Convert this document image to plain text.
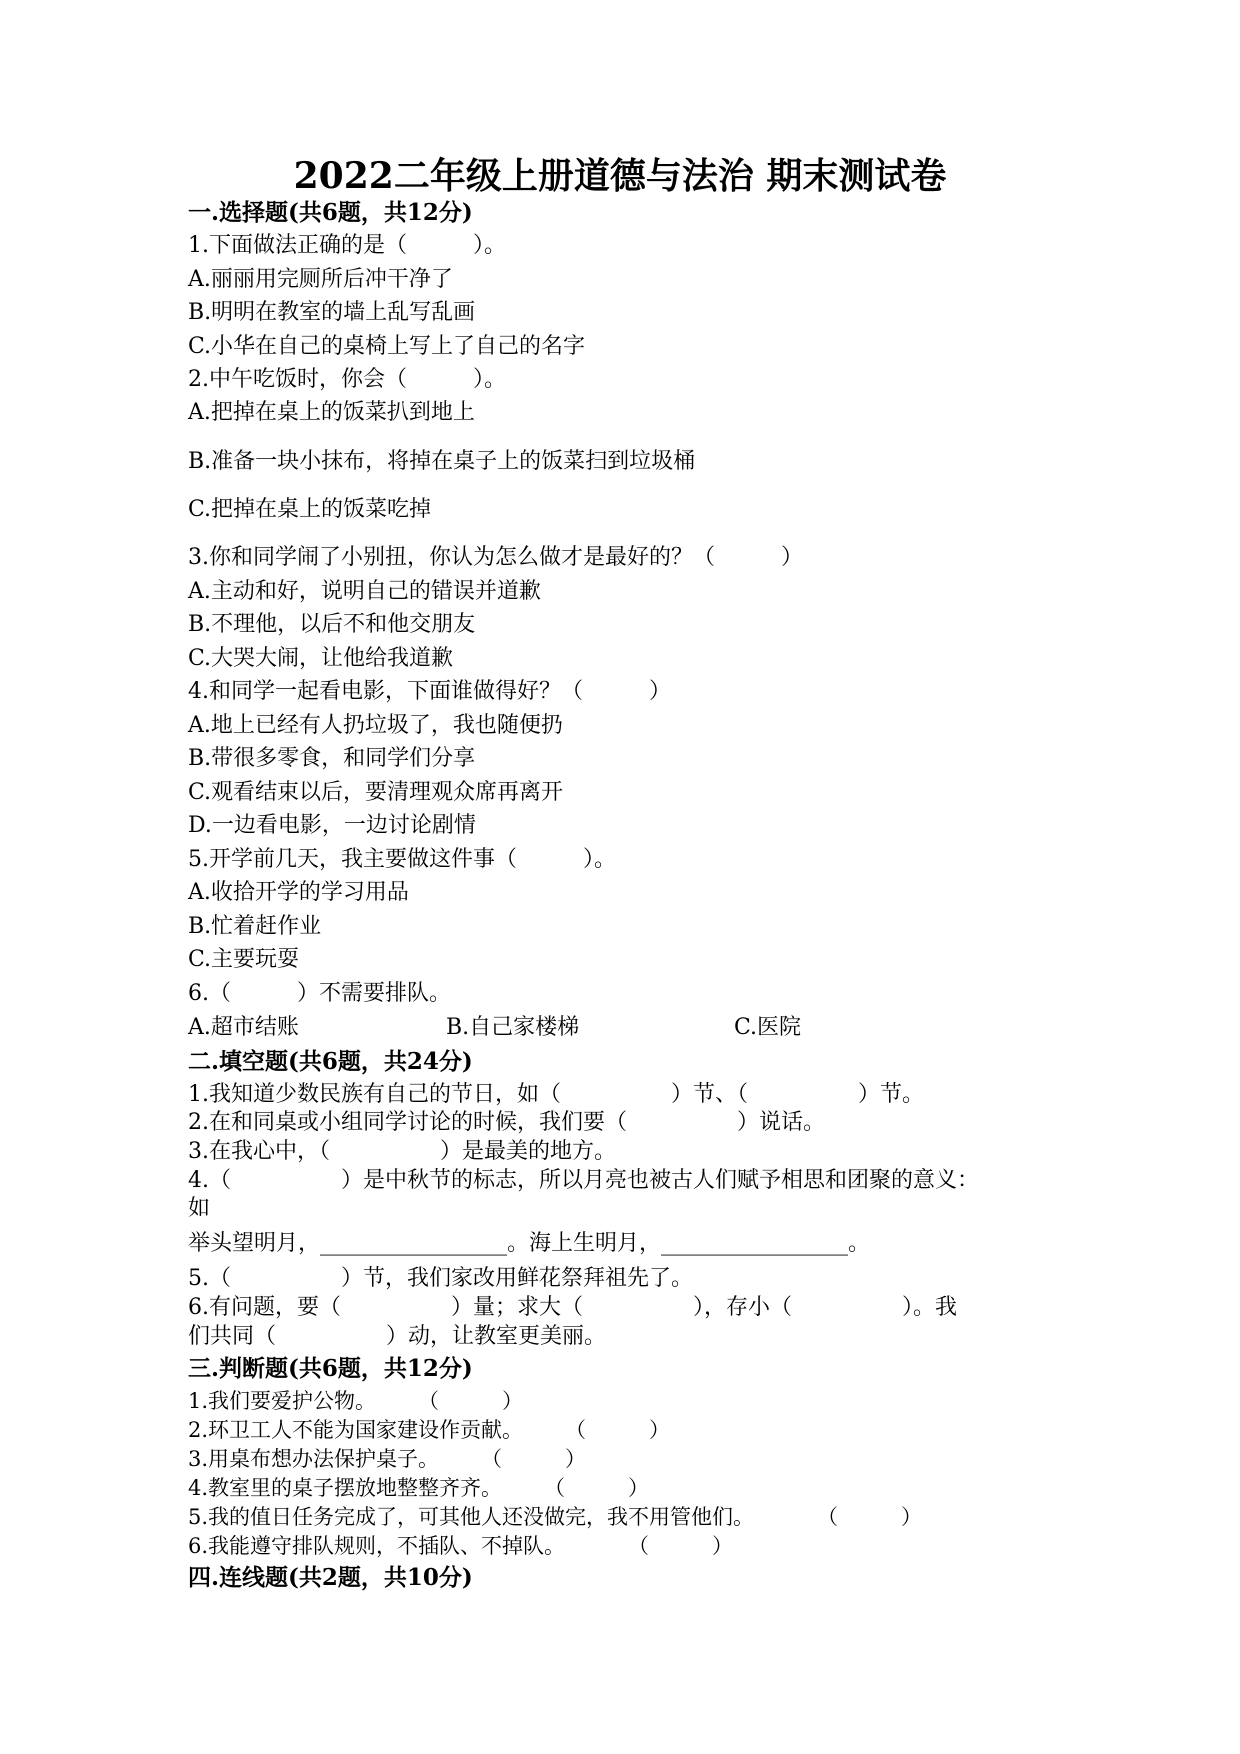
2022二年级上册道德与法治 期末测试卷
一.选择题(共6题，共12分)
1.下面做法正确的是（　　　）。
A.丽丽用完厕所后冲干净了
B.明明在教室的墙上乱写乱画
C.小华在自己的桌椅上写上了自己的名字
2.中午吃饭时，你会（　　　）。
A.把掉在桌上的饭菜扒到地上
B.准备一块小抹布，将掉在桌子上的饭菜扫到垃圾桶
C.把掉在桌上的饭菜吃掉
3.你和同学闹了小别扭，你认为怎么做才是最好的？（　　　）
A.主动和好，说明自己的错误并道歉
B.不理他，以后不和他交朋友
C.大哭大闹，让他给我道歉
4.和同学一起看电影，下面谁做得好？（　　　）
A.地上已经有人扔垃圾了，我也随便扔
B.带很多零食，和同学们分享
C.观看结束以后，要清理观众席再离开
D.一边看电影，一边讨论剧情
5.开学前几天，我主要做这件事（　　　）。
A.收拾开学的学习用品
B.忙着赶作业
C.主要玩耍
6.（　　　）不需要排队。
A.超市结账	B.自己家楼梯	C.医院
二.填空题(共6题，共24分)
1.我知道少数民族有自己的节日，如（　　　　　）节、（　　　　　）节。
2.在和同桌或小组同学讨论的时候，我们要（　　　　　）说话。
3.在我心中，（　　　　　）是最美的地方。
4.（　　　　　）是中秋节的标志，所以月亮也被古人们赋予相思和团聚的意义：
如
举头望明月，_________________。海上生明月，_________________。
5.（　　　　　）节，我们家改用鲜花祭拜祖先了。
6.有问题，要（　　　　　）量；求大（　　　　　），存小（　　　　　）。我
们共同（　　　　　）动，让教室更美丽。
三.判断题(共6题，共12分)
1.我们要爱护公物。　　　（　　　）
2.环卫工人不能为国家建设作贡献。　　　（　　　）
3.用桌布想办法保护桌子。　　　（　　　）
4.教室里的桌子摆放地整整齐齐。　　　（　　　）
5.我的值日任务完成了，可其他人还没做完，我不用管他们。　　　　（　　　）
6.我能遵守排队规则，不插队、不掉队。　　　　（　　　）
四.连线题(共2题，共10分)
